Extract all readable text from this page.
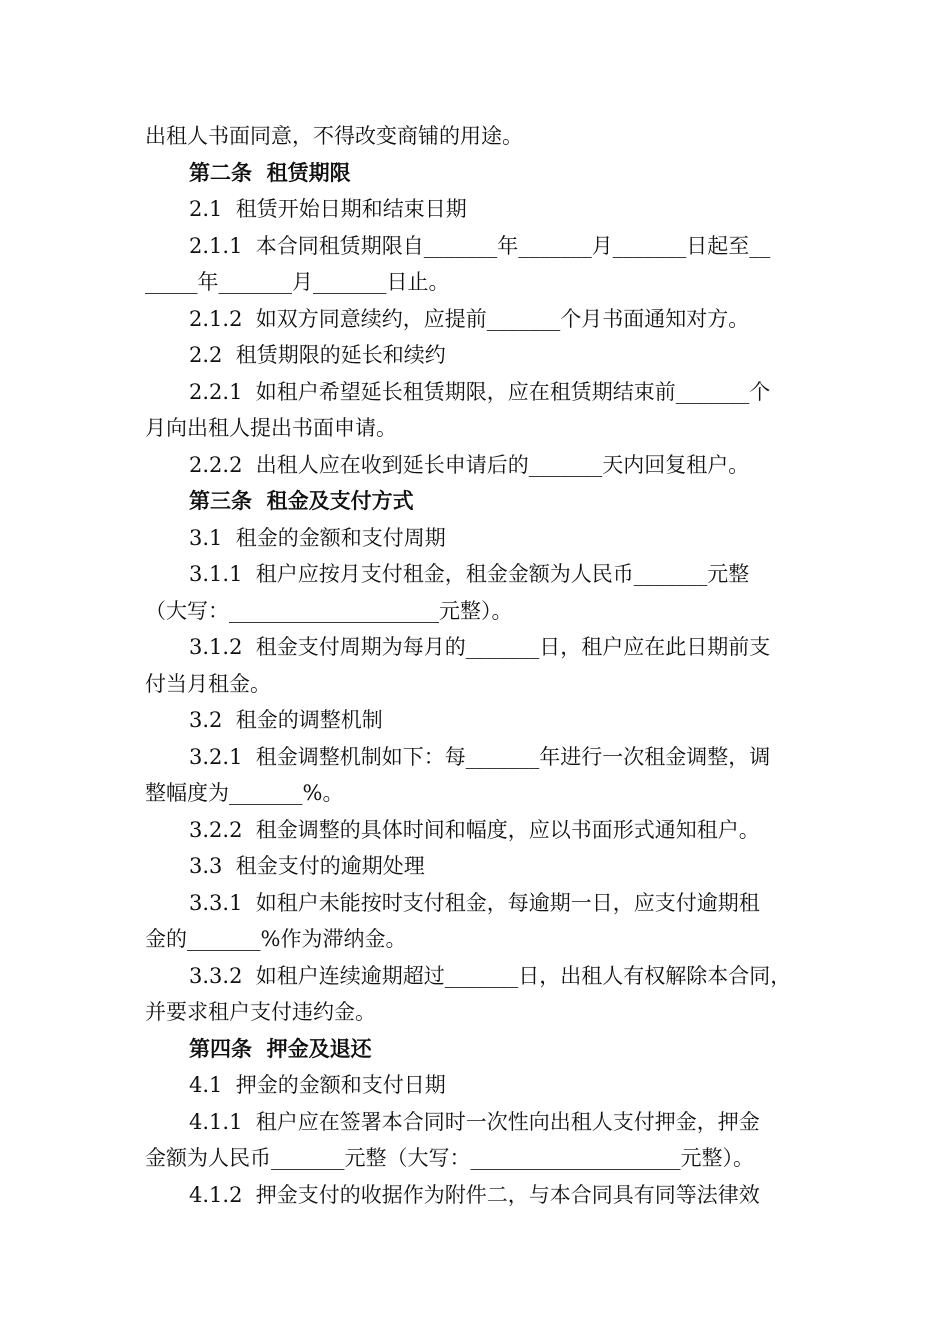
出租人书面同意，不得改变商铺的用途。

第二条  租赁期限

2.1  租赁开始日期和结束日期

2.1.1  本合同租赁期限自_______年_______月_______日起至__

_____年_______月_______日止。

2.1.2  如双方同意续约，应提前_______个月书面通知对方。

2.2  租赁期限的延长和续约

2.2.1  如租户希望延长租赁期限，应在租赁期结束前_______个

月向出租人提出书面申请。

2.2.2  出租人应在收到延长申请后的_______天内回复租户。

第三条  租金及支付方式

3.1  租金的金额和支付周期

3.1.1  租户应按月支付租金，租金金额为人民币_______元整

（大写：____________________元整）。

3.1.2  租金支付周期为每月的_______日，租户应在此日期前支

付当月租金。

3.2  租金的调整机制

3.2.1  租金调整机制如下：每_______年进行一次租金调整，调

整幅度为_______%。

3.2.2  租金调整的具体时间和幅度，应以书面形式通知租户。

3.3  租金支付的逾期处理

3.3.1  如租户未能按时支付租金，每逾期一日，应支付逾期租

金的_______%作为滞纳金。

3.3.2  如租户连续逾期超过_______日，出租人有权解除本合同，

并要求租户支付违约金。

第四条  押金及退还

4.1  押金的金额和支付日期

4.1.1  租户应在签署本合同时一次性向出租人支付押金，押金

金额为人民币_______元整（大写：____________________元整）。

4.1.2  押金支付的收据作为附件二，与本合同具有同等法律效
